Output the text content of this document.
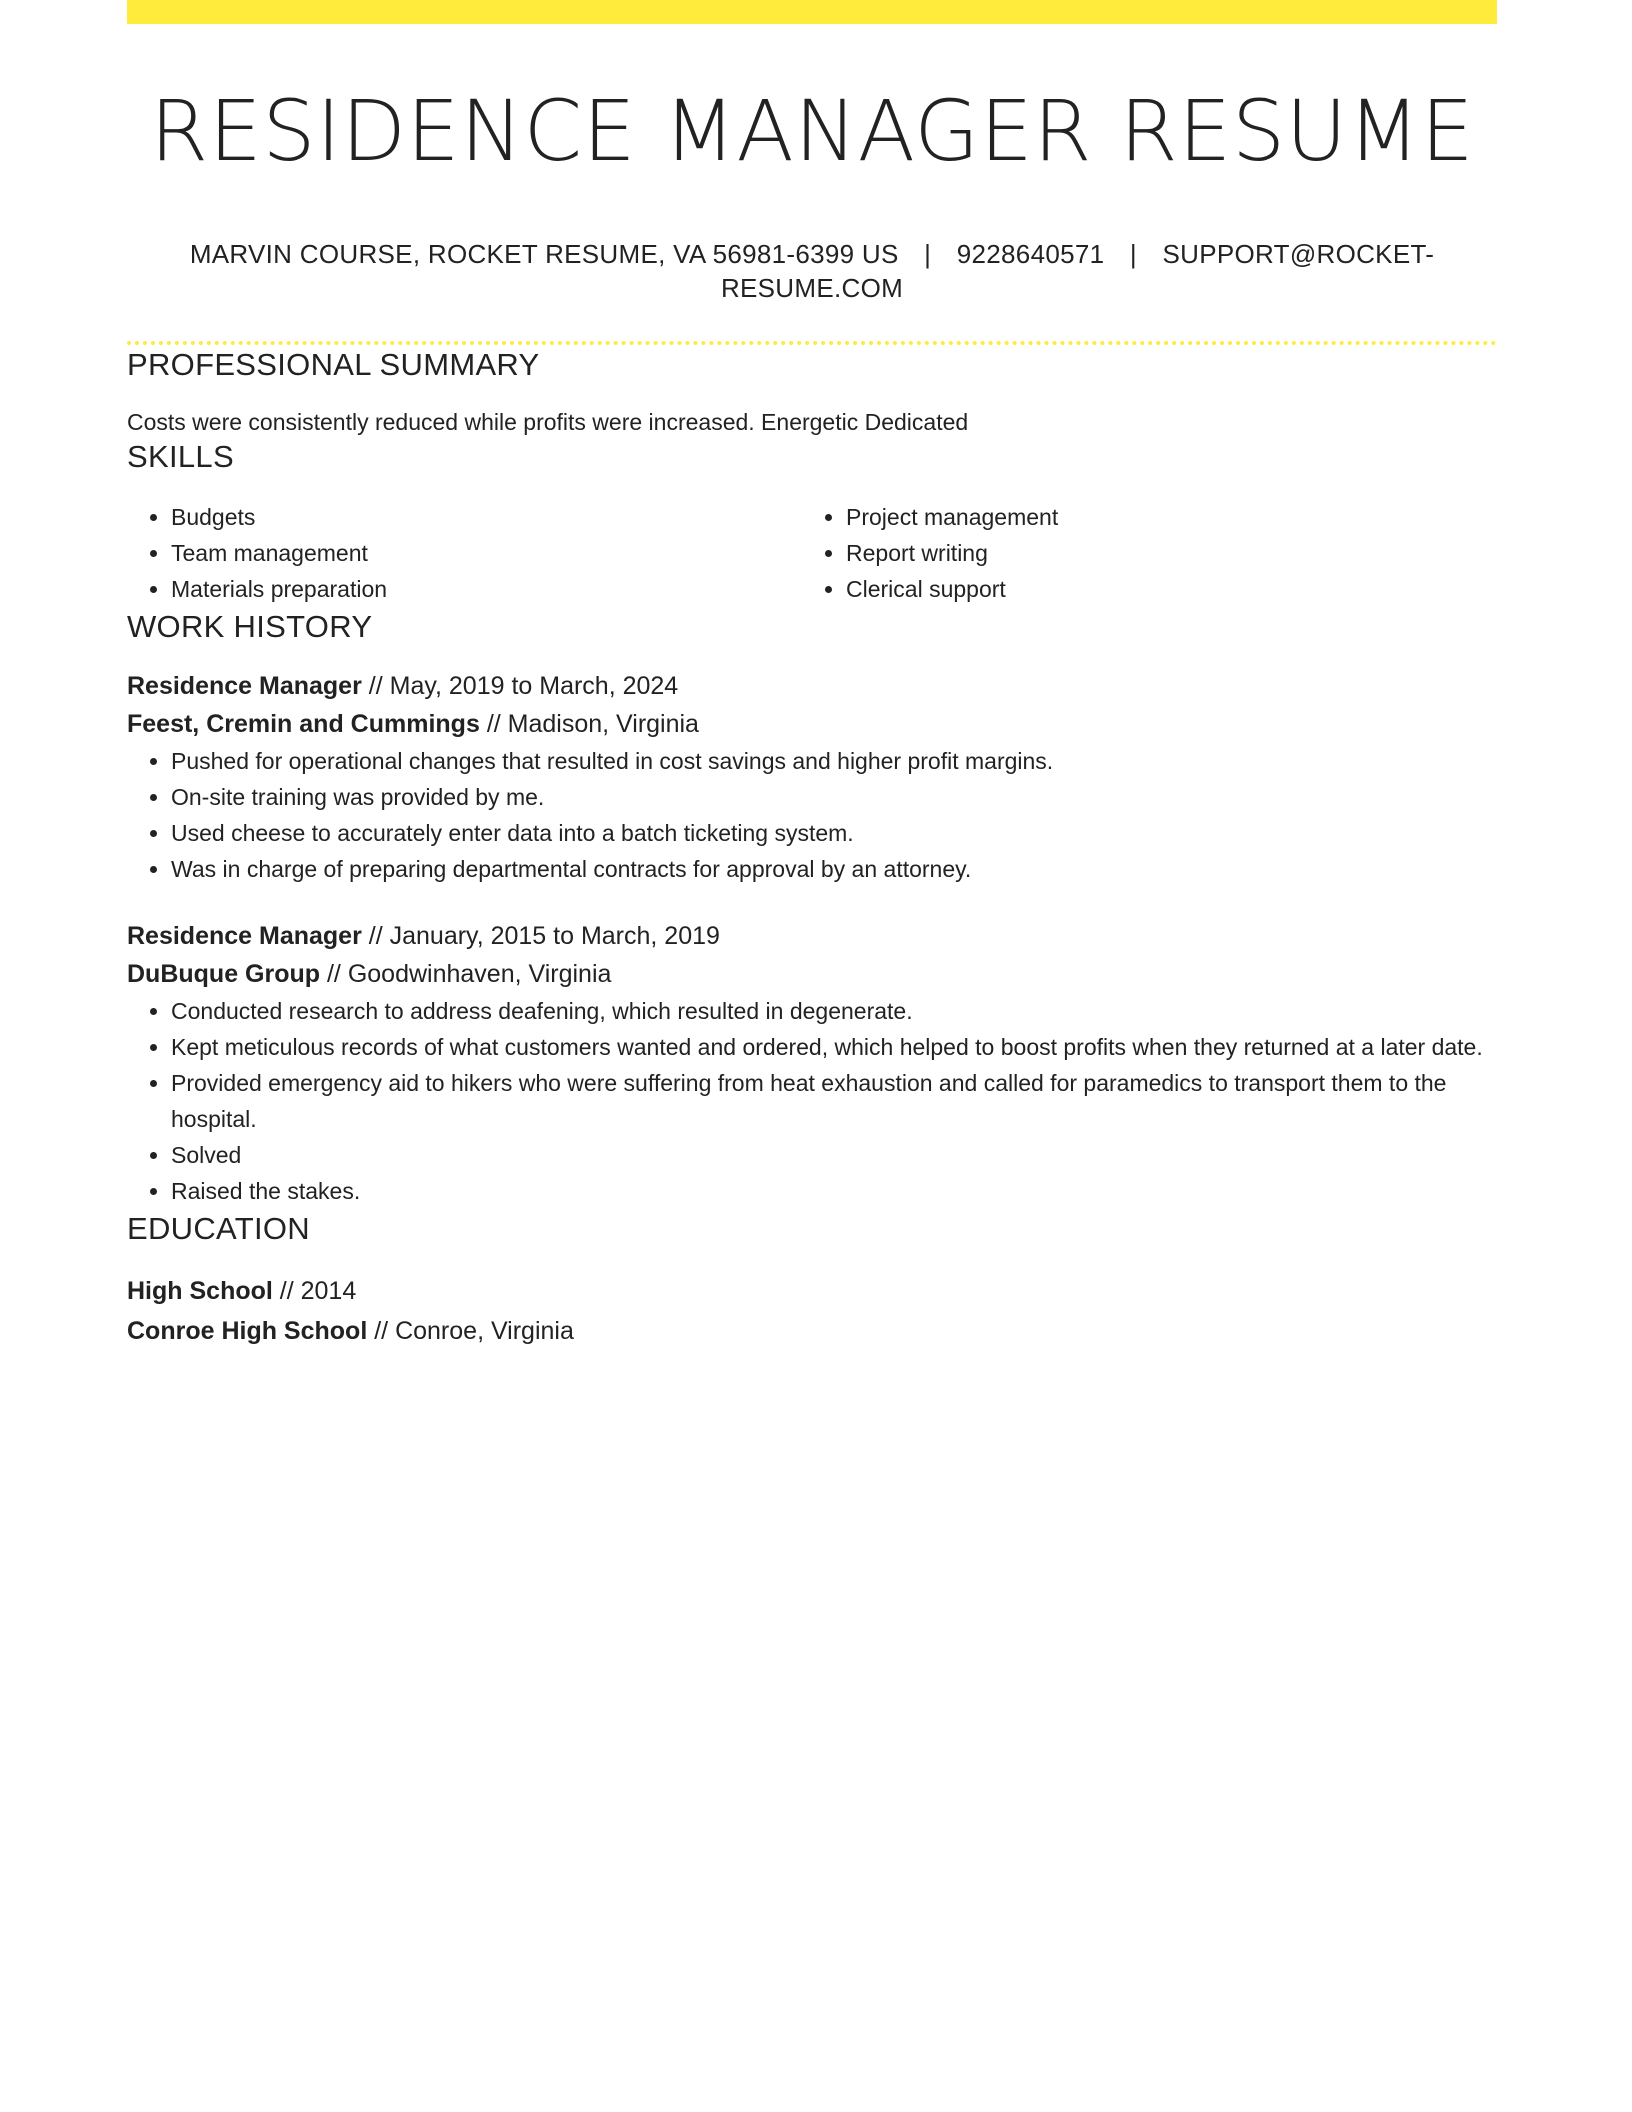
RESIDENCE MANAGER RESUME
MARVIN COURSE, ROCKET RESUME, VA 56981-6399 US | 9228640571 | SUPPORT@ROCKET-RESUME.COM
PROFESSIONAL SUMMARY
Costs were consistently reduced while profits were increased. Energetic Dedicated
SKILLS
• Budgets
• Team management
• Materials preparation
• Project management
• Report writing
• Clerical support
WORK HISTORY
Residence Manager // May, 2019 to March, 2024
Feest, Cremin and Cummings // Madison, Virginia
• Pushed for operational changes that resulted in cost savings and higher profit margins.
• On-site training was provided by me.
• Used cheese to accurately enter data into a batch ticketing system.
• Was in charge of preparing departmental contracts for approval by an attorney.
Residence Manager // January, 2015 to March, 2019
DuBuque Group // Goodwinhaven, Virginia
• Conducted research to address deafening, which resulted in degenerate.
• Kept meticulous records of what customers wanted and ordered, which helped to boost profits when they returned at a later date.
• Provided emergency aid to hikers who were suffering from heat exhaustion and called for paramedics to transport them to the hospital.
• Solved
• Raised the stakes.
EDUCATION
High School // 2014
Conroe High School // Conroe, Virginia
